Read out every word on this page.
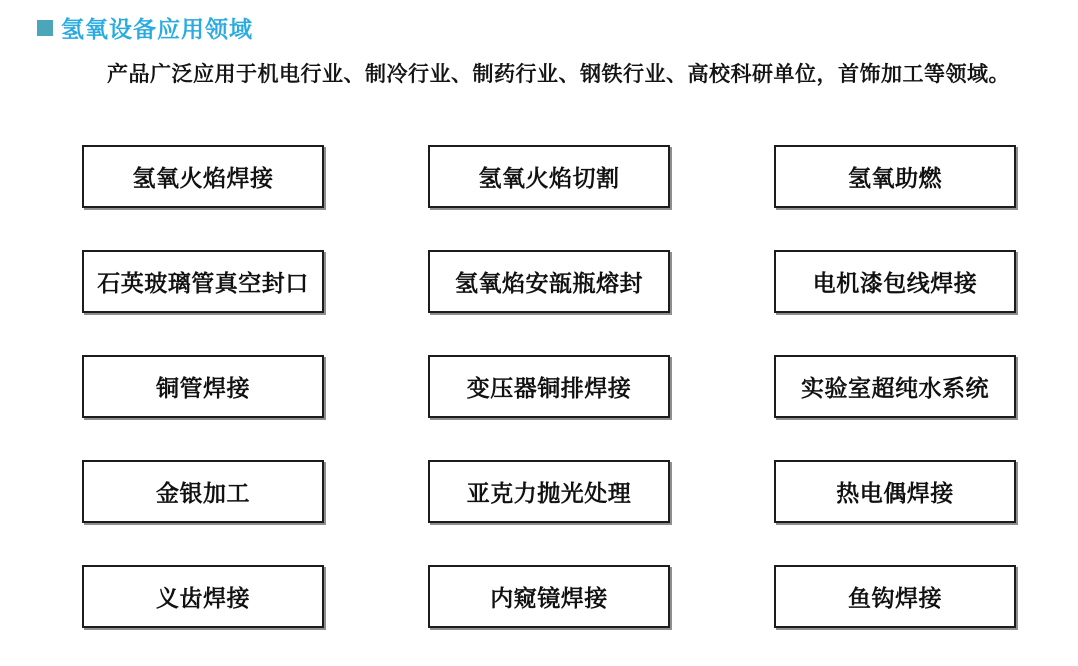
氢氧设备应用领域

产品广泛应用于机电行业、制冷行业、制药行业、钢铁行业、高校科研单位，首饰加工等领域。

氢氧火焰焊接	氢氧火焰切割	氢氧助燃
石英玻璃管真空封口	氢氧焰安瓿瓶熔封	电机漆包线焊接
铜管焊接	变压器铜排焊接	实验室超纯水系统
金银加工	亚克力抛光处理	热电偶焊接
义齿焊接	内窥镜焊接	鱼钩焊接
